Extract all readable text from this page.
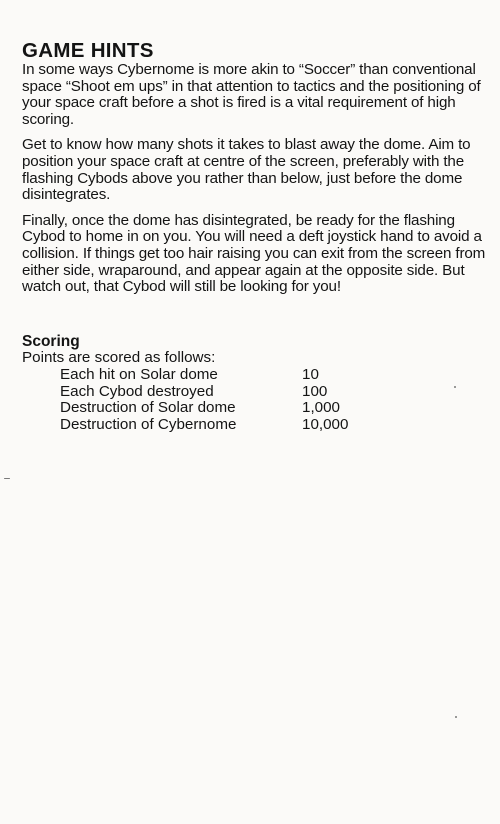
GAME HINTS

In some ways Cybernome is more akin to “Soccer” than conventional space “Shoot em ups” in that attention to tactics and the positioning of your space craft before a shot is fired is a vital requirement of high scoring.

Get to know how many shots it takes to blast away the dome. Aim to position your space craft at centre of the screen, preferably with the flashing Cybods above you rather than below, just before the dome disintegrates.

Finally, once the dome has disintegrated, be ready for the flashing Cybod to home in on you. You will need a deft joystick hand to avoid a collision. If things get too hair raising you can exit from the screen from either side, wraparound, and appear again at the opposite side. But watch out, that Cybod will still be looking for you!

Scoring
Points are scored as follows:
Each hit on Solar dome	10
Each Cybod destroyed	100
Destruction of Solar dome	1,000
Destruction of Cybernome	10,000
